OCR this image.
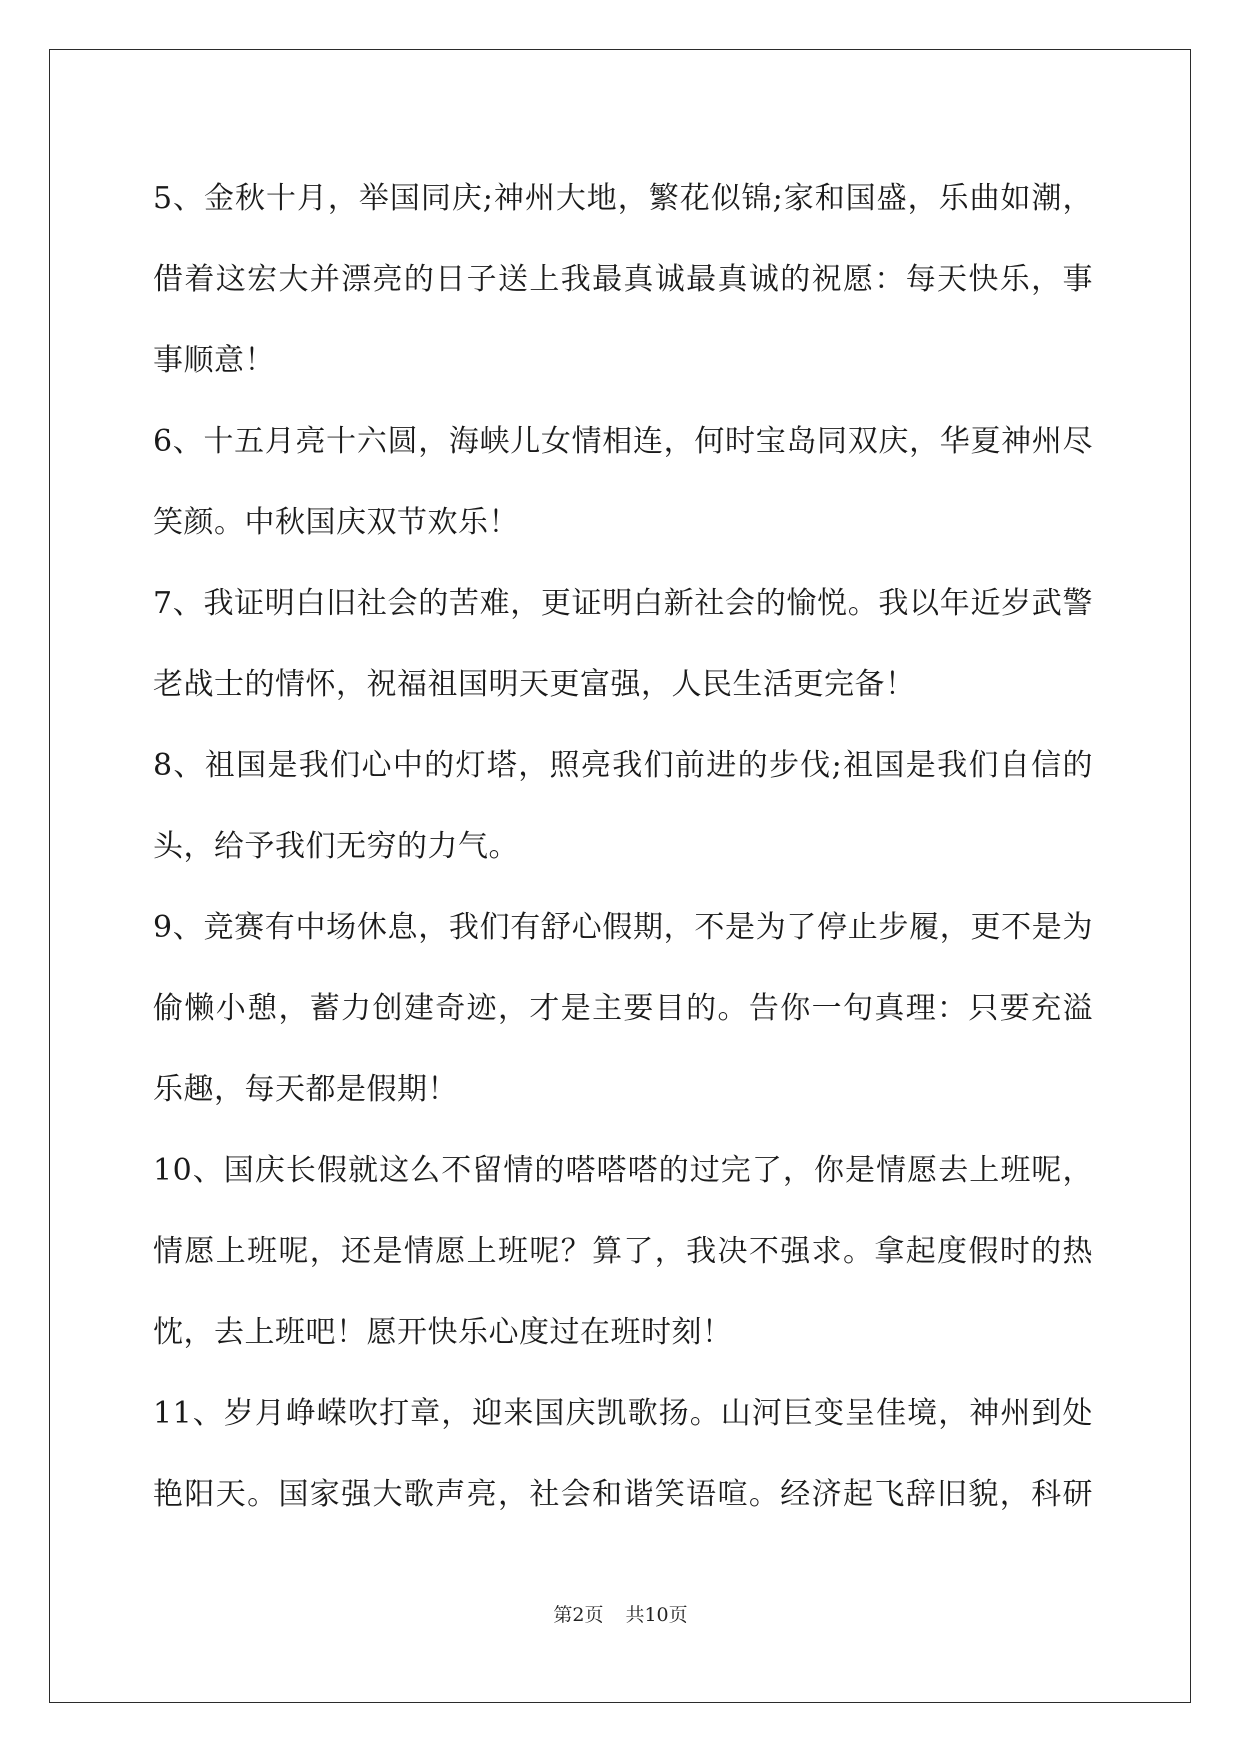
5、金秋十月，举国同庆;神州大地，繁花似锦;家和国盛，乐曲如潮，
借着这宏大并漂亮的日子送上我最真诚最真诚的祝愿：每天快乐，事
事顺意！
6、十五月亮十六圆，海峡儿女情相连，何时宝岛同双庆，华夏神州尽
笑颜。中秋国庆双节欢乐！
7、我证明白旧社会的苦难，更证明白新社会的愉悦。我以年近岁武警
老战士的情怀，祝福祖国明天更富强，人民生活更完备！
8、祖国是我们心中的灯塔，照亮我们前进的步伐;祖国是我们自信的
头，给予我们无穷的力气。
9、竞赛有中场休息，我们有舒心假期，不是为了停止步履，更不是为
偷懒小憩，蓄力创建奇迹，才是主要目的。告你一句真理：只要充溢
乐趣，每天都是假期！
10、国庆长假就这么不留情的嗒嗒嗒的过完了，你是情愿去上班呢，
情愿上班呢，还是情愿上班呢？算了，我决不强求。拿起度假时的热
忱，去上班吧！愿开快乐心度过在班时刻！
11、岁月峥嵘吹打章，迎来国庆凯歌扬。山河巨变呈佳境，神州到处
艳阳天。国家强大歌声亮，社会和谐笑语喧。经济起飞辞旧貌，科研
第2页 共10页
